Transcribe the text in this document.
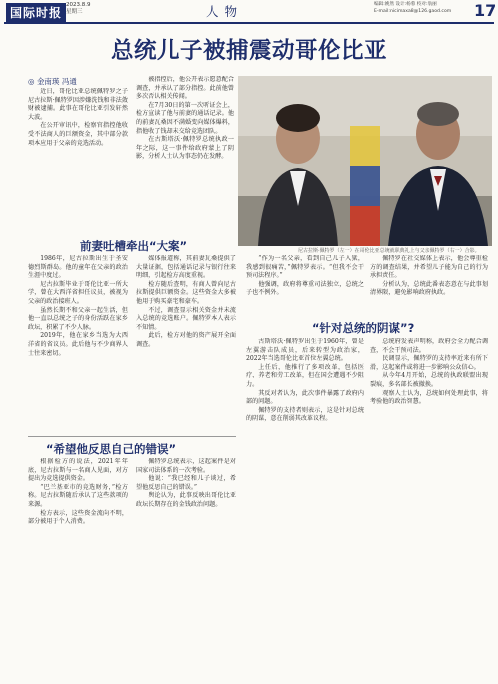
国际时报
2023.8.9
星期三	人物	编辑:姚然 设计:杨蓉 校对:翁丽
E-mail:nicimaxa8@126.gaod.com	17
总统儿子被捕震动哥伦比亚
◎ 金南瑛 冯通

近日，哥伦比亚总统佩特罗之子尼古拉斯·佩特罗因涉嫌洗钱和非法敛财被逮捕。此事在哥伦比亚引发轩然大波。

在公开审讯中，检察官指控他收受不法商人的巨额资金，其中部分款项本应用于父亲的竞选活动。

被指控后，他公开表示愿意配合调查，并承认了部分指控。此前他曾多次否认相关传闻。

在7月30日的第一次听证会上，检方宣读了他与前妻的通话记录。他的前妻瓦桑因不满婚变向媒体爆料，指他收了钱却未交给竞选团队。

在古斯塔沃·佩特罗总统执政一年之际，这一事件给政府蒙上了阴影，分析人士认为事态仍在发酵。

尼古拉斯·佩特罗（左一）在哥伦比亚总统就职典礼上与父亲佩特罗（右一）合影。
前妻吐槽牵出“大案”

1986年，尼古拉斯出生于圣安德烈斯群岛。他的童年在父亲的政治生涯中度过。

尼古拉斯毕业于哥伦比亚一所大学，曾在大西洋省担任议员，被视为父亲的政治接班人。

虽然长期不和父亲一起生活，但他一直以总统之子的身份活跃在家乡政坛，积累了不少人脉。

2019年，他在家乡当选为大西洋省的省议员。此后他与不少商界人士往来密切。

媒体报道称，其前妻瓦桑提供了大量证据，包括通话记录与银行往来明细，引起检方高度重视。

检方随后查明，有商人曾向尼古拉斯提供巨额资金。这些资金大多被他用于购买豪宅和豪车。

不过，调查显示相关资金并未流入总统的竞选账户。佩特罗本人表示不知情。

此后，检方对他的资产展开全面调查。

“作为一名父亲，看到自己儿子入狱，我感到很痛苦，”佩特罗表示。“但我不会干预司法程序。”

他强调，政府将尊重司法独立，总统之子也不例外。

佩特罗在社交媒体上表示，他会尊重检方的调查结果，并希望儿子能为自己的行为承担责任。

分析认为，总统此番表态意在与此事划清界限，避免影响政府执政。

“希望他反思自己的错误”

根据检方的说法，2021年年底，尼古拉斯与一名商人见面，对方提出为竞选提供资金。

“巴兰基亚市的竞选财务，”检方称。尼古拉斯随后承认了这些款项的来源。

检方表示，这些资金流向不明，部分被用于个人消费。

佩特罗总统表示，这起案件是对国家司法体系的一次考验。

他说：“我已经和儿子谈过，希望他反思自己的错误。”

舆论认为，此事反映出哥伦比亚政坛长期存在的金钱政治问题。

“针对总统的阴谋”?

古斯塔沃·佩特罗出生于1960年，曾是左翼游击队成员，后来转型为政治家，2022年当选哥伦比亚首位左翼总统。

上任后，他推行了多项改革，包括医疗、养老和劳工改革，但在国会遭遇不少阻力。

其反对者认为，此次事件暴露了政府内部的问题。

佩特罗的支持者则表示，这是针对总统的阴谋，意在削弱其改革议程。

总统府发表声明称，政府会全力配合调查，不会干预司法。

民调显示，佩特罗的支持率近来有所下滑，这起案件或将进一步影响公众信心。

从今年4月开始，总统的执政联盟出现裂痕，多名部长被撤换。

观察人士认为，总统如何处理此事，将考验他的政治智慧。
